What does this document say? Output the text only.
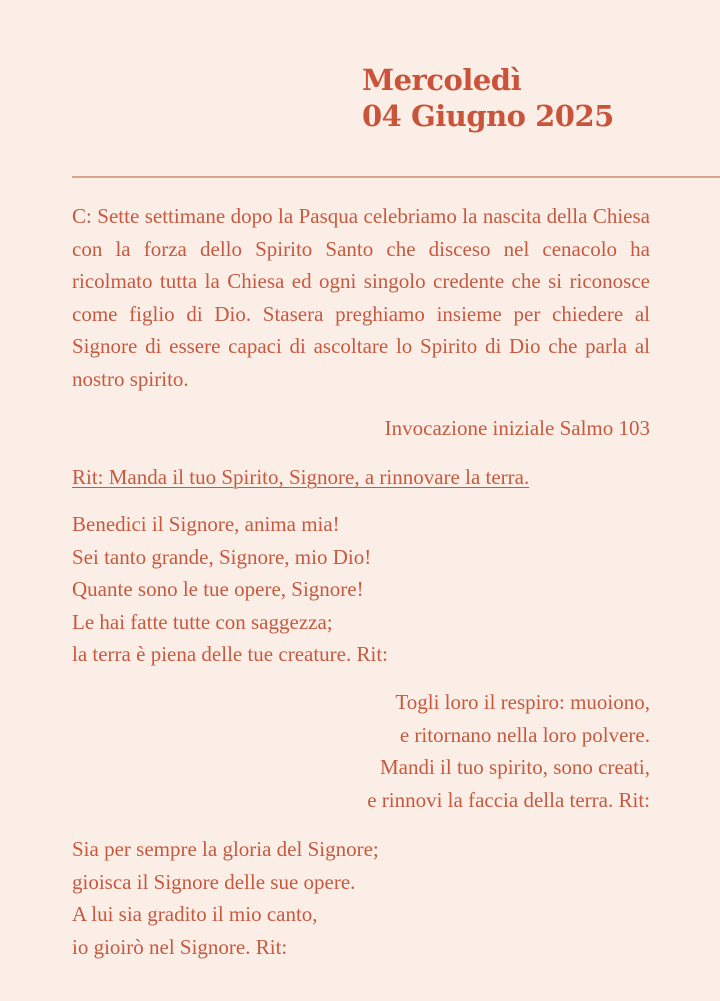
Mercoledì
04 Giugno 2025

C: Sette settimane dopo la Pasqua celebriamo la nascita della Chiesa con la forza dello Spirito Santo che disceso nel cenacolo ha ricolmato tutta la Chiesa ed ogni singolo credente che si riconosce come figlio di Dio. Stasera preghiamo insieme per chiedere al Signore di essere capaci di ascoltare lo Spirito di Dio che parla al nostro spirito.

Invocazione iniziale Salmo 103
Rit: Manda il tuo Spirito, Signore, a rinnovare la terra.
Benedici il Signore, anima mia!
Sei tanto grande, Signore, mio Dio!
Quante sono le tue opere, Signore!
Le hai fatte tutte con saggezza;
la terra è piena delle tue creature. Rit:
Togli loro il respiro: muoiono,
e ritornano nella loro polvere.
Mandi il tuo spirito, sono creati,
e rinnovi la faccia della terra. Rit:
Sia per sempre la gloria del Signore;
gioisca il Signore delle sue opere.
A lui sia gradito il mio canto,
io gioirò nel Signore. Rit:
